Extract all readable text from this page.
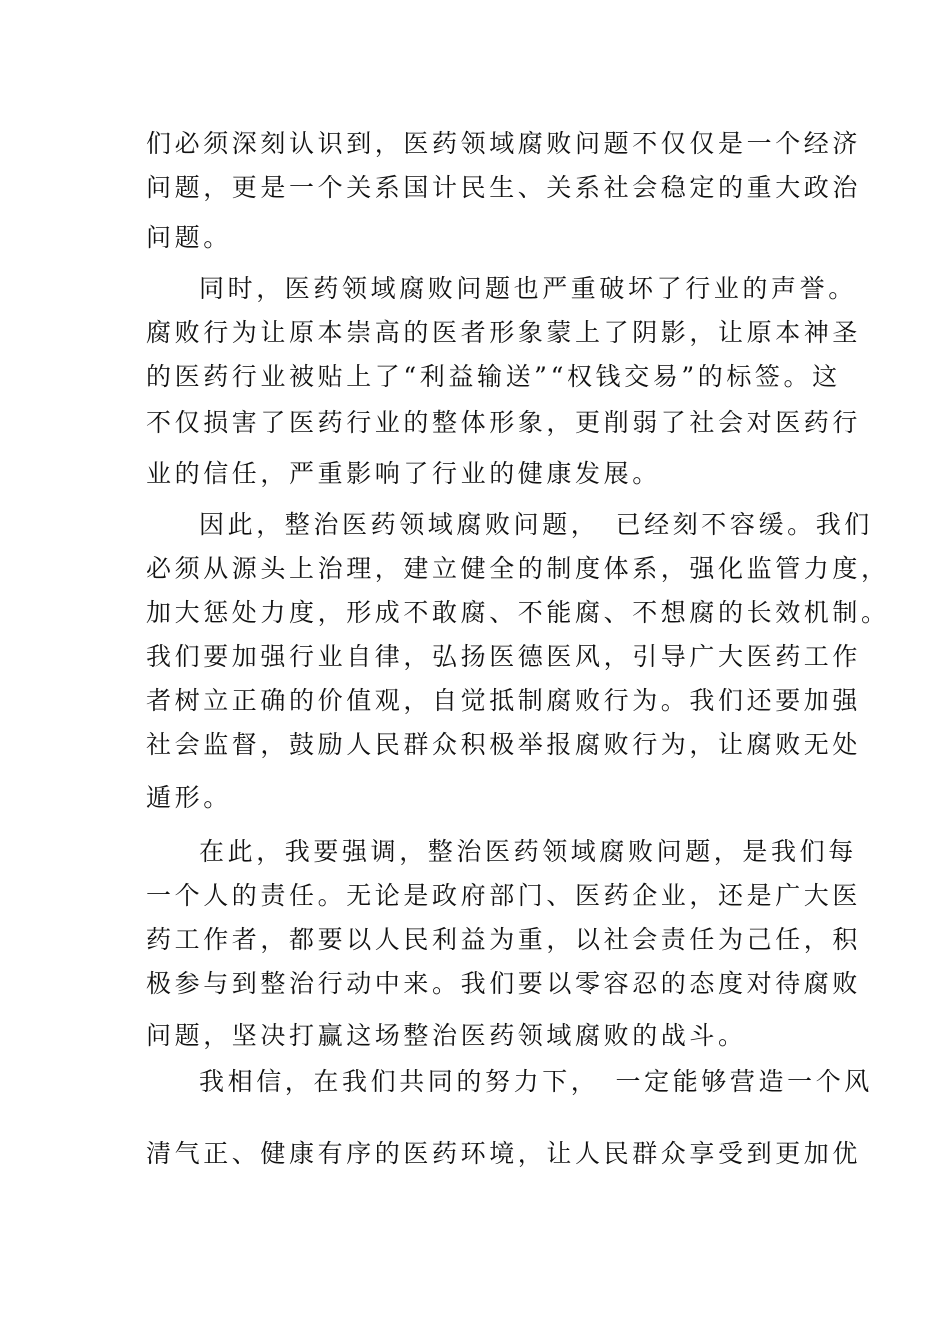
们必须深刻认识到，医药领域腐败问题不仅仅是一个经济
问题，更是一个关系国计民生、关系社会稳定的重大政治
问题。
同时，医药领域腐败问题也严重破坏了行业的声誉。
腐败行为让原本崇高的医者形象蒙上了阴影，让原本神圣
的医药行业被贴上了“利益输送”“权钱交易”的标签。这
不仅损害了医药行业的整体形象，更削弱了社会对医药行
业的信任，严重影响了行业的健康发展。
因此，整治医药领域腐败问题，　已经刻不容缓。我们
必须从源头上治理，建立健全的制度体系，强化监管力度，
加大惩处力度，形成不敢腐、不能腐、不想腐的长效机制。
我们要加强行业自律，弘扬医德医风，引导广大医药工作
者树立正确的价值观，自觉抵制腐败行为。我们还要加强
社会监督，鼓励人民群众积极举报腐败行为，让腐败无处
遁形。
在此，我要强调，整治医药领域腐败问题，是我们每
一个人的责任。无论是政府部门、医药企业，还是广大医
药工作者，都要以人民利益为重，以社会责任为己任，积
极参与到整治行动中来。我们要以零容忍的态度对待腐败
问题，坚决打赢这场整治医药领域腐败的战斗。
我相信，在我们共同的努力下，　一定能够营造一个风
清气正、健康有序的医药环境，让人民群众享受到更加优
